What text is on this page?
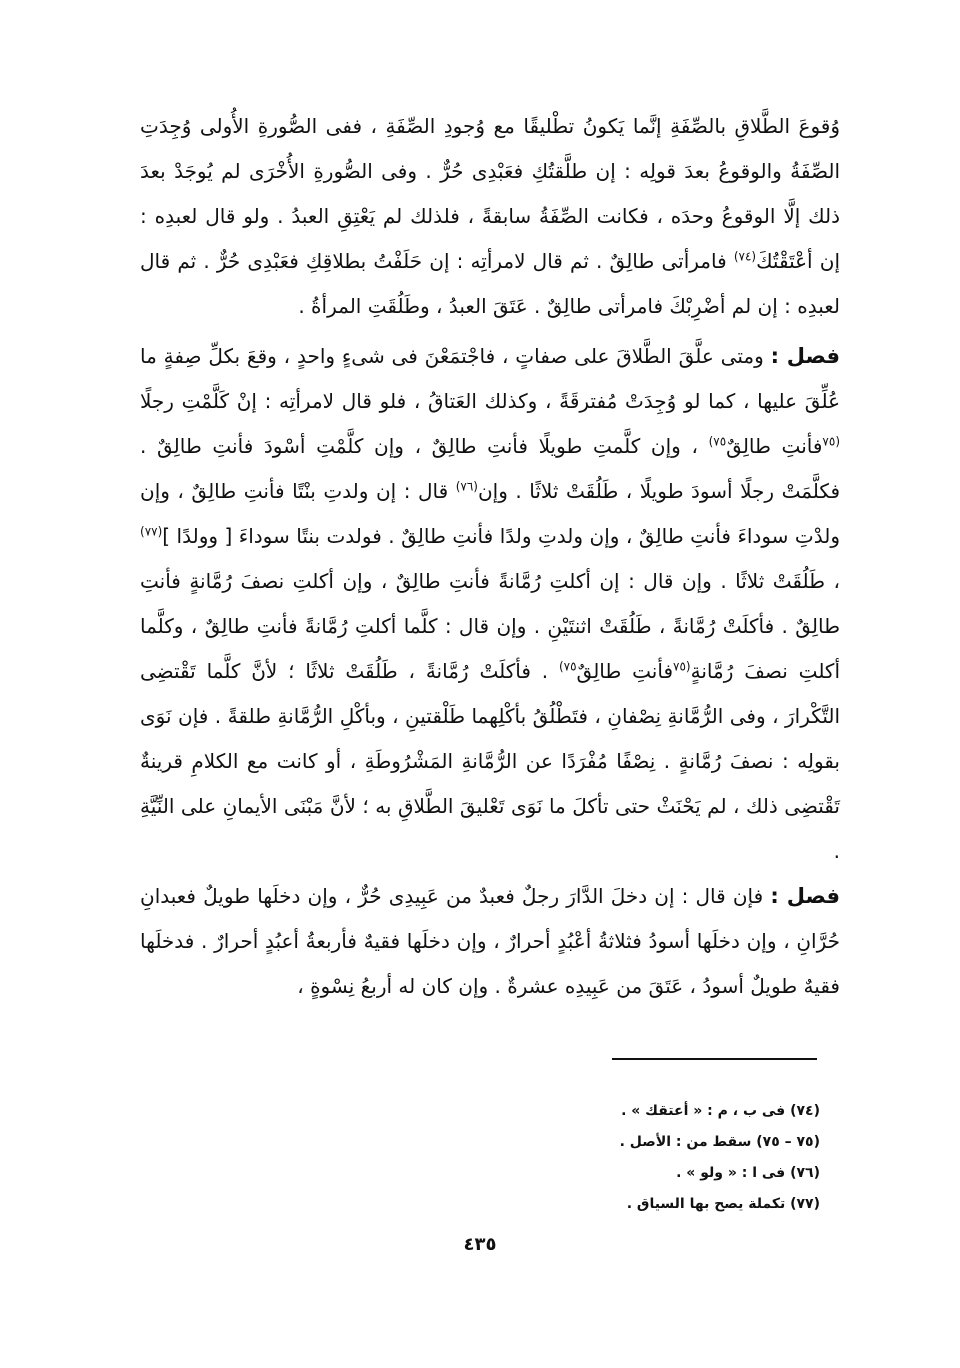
وُقوعَ الطَّلاقِ بالصِّفَةِ إنَّما يَكونُ تطْليقًا مع وُجودِ الصِّفَةِ ، ففى الصُّورةِ الأُولى وُجِدَتِ الصِّفَةُ والوقوعُ بعدَ قولِه : إن طلَّقتُكِ فعَبْدِى حُرٌّ . وفى الصُّورةِ الأُخْرَى لم يُوجَدْ بعدَ ذلك إلَّا الوقوعُ وحدَه ، فكانت الصِّفَةُ سابقةً ، فلذلك لم يَعْتِقِ العبدُ . ولو قال لعبدِه : إن أعْتَقْتُكَ$^{(٧٤)}$ فامرأتى طالِقٌ . ثم قال لامرأتِه : إن حَلَفْتُ بطلاقِكِ فعَبْدِى حُرٌّ . ثم قال لعبدِه : إن لم أضْرِبْكَ فامرأتى طالِقٌ . عَتَقَ العبدُ ، وطَلُقَتِ المرأةُ .

فصل : ومتى علَّقَ الطَّلاقَ على صفاتٍ ، فاجْتمَعْنَ فى شىءٍ واحدٍ ، وقعَ بكلِّ صِفةٍ ما عُلِّقَ عليها ، كما لو وُجِدَتْ مُفترقَةً ، وكذلك العَتاقُ ، فلو قال لامرأتِه : إنْ كَلَّمْتِ رجلًا $^{(٧٥}$فأنتِ طالِقٌ$^{٧٥)}$ ، وإن كلَّمتِ طويلًا فأنتِ طالِقٌ ، وإن كلَّمْتِ أسْودَ فأنتِ طالِقٌ . فكلَّمَتْ رجلًا أسودَ طويلًا ، طَلُقَتْ ثلاثًا . وإن$^{(٧٦)}$ قال : إن ولدتِ بنْتًا فأنتِ طالِقٌ ، وإن ولدْتِ سوداءَ فأنتِ طالِقٌ ، وإن ولدتِ ولدًا فأنتِ طالِقٌ . فولدت بنتًا سوداءَ [ وولدًا ]$^{(٧٧)}$ ، طَلُقَتْ ثلاثًا . وإن قال : إن أكلتِ رُمَّانةً فأنتِ طالِقٌ ، وإن أكلتِ نصفَ رُمَّانةٍ فأنتِ طالِقٌ . فأكلَتْ رُمَّانةً ، طَلُقَتْ اثنتَيْنِ . وإن قال : كلَّما أكلتِ رُمَّانةً فأنتِ طالِقٌ ، وكلَّما أكلتِ نصفَ رُمَّانةٍ$^{(٧٥}$فأنتِ طالِقٌ$^{٧٥)}$ . فأكلَتْ رُمَّانةً ، طَلُقَتْ ثلاثًا ؛ لأنَّ كلَّما تَقْتضِى التَّكْرارَ ، وفى الرُّمَّانةِ نِصْفانِ ، فتَطْلُقُ بأكْلِهما طَلْقتينِ ، وبأكْلِ الرُّمَّانةِ طلقةً . فإن نَوَى بقولِه : نصفَ رُمَّانةٍ . نِصْفًا مُفْرَدًا عن الرُّمَّانةِ المَشْرُوطَةِ ، أو كانت مع الكلامِ قرينةٌ تَقْتضِى ذلك ، لم يَحْنَثْ حتى تأكلَ ما نَوَى تَعْليقَ الطَّلاقِ به ؛ لأنَّ مَبْنَى الأيمانِ على النِّيَّةِ .

فصل : فإن قال : إن دخلَ الدَّارَ رجلٌ فعبدٌ من عَبِيدِى حُرٌّ ، وإن دخلَها طويلٌ فعبدانِ حُرَّانِ ، وإن دخلَها أسودُ فثلاثةُ أعْبُدٍ أحرارٌ ، وإن دخلَها فقيهٌ فأربعةُ أعبُدٍ أحرارٌ . فدخلَها فقيهٌ طويلٌ أسودُ ، عَتَقَ من عَبِيدِه عشرةٌ . وإن كان له أربعُ نِسْوةٍ ،

(٧٤) فى ب ، م : « أعتقك » .

(٧٥ – ٧٥) سقط من : الأصل .

(٧٦) فى ا : « ولو » .

(٧٧) تكملة يصح بها السياق .

٤٣٥
